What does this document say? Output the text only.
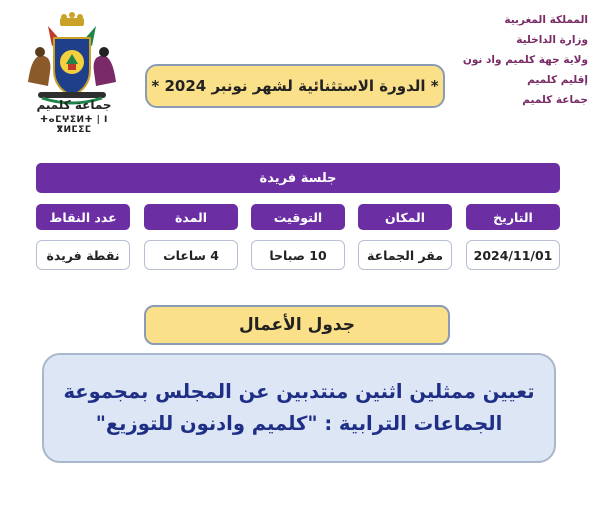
المملكة المغربية
وزارة الداخلية
ولاية جهة كلميم واد نون
إقليم كلميم
جماعة كلميم
جماعة كلميم
ⵜⴰⵎⵖⵉⵍⵜ | ⵏ ⴳⵍⵎⵉⵎ
* الدورة الاستثنائية لشهر نونبر 2024 *
جلسة فريدة
التاريخ
المكان
التوقيت
المدة
عدد النقاط
2024/11/01
مقر الجماعة
10 صباحا
4 ساعات
نقطة فريدة
جدول الأعمال
تعيين ممثلين اثنين منتدبين عن المجلس بمجموعة الجماعات الترابية : "كلميم وادنون للتوزيع"
